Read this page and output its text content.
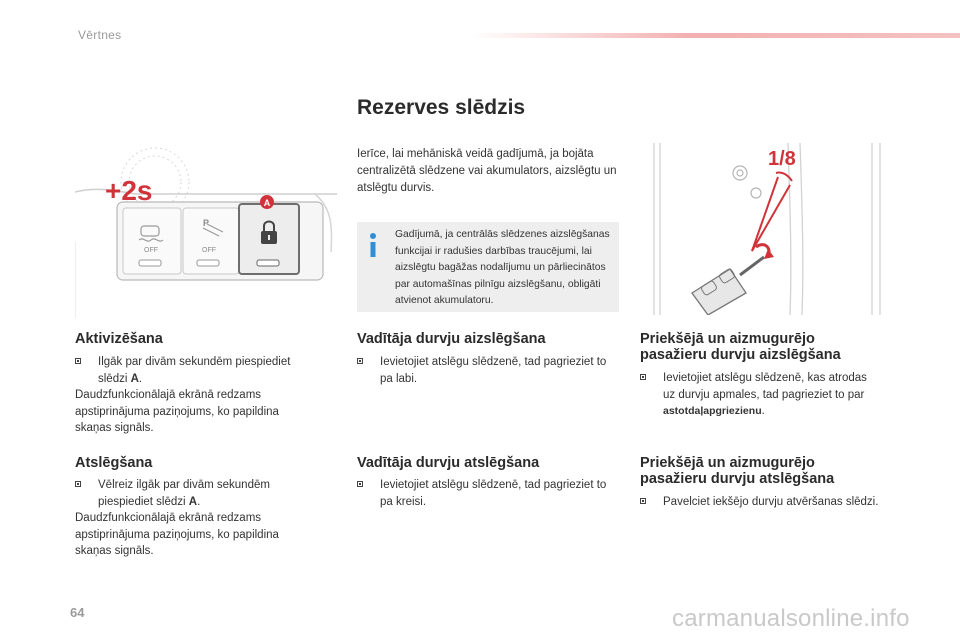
Vērtnes
OFF
P
OFF
A
+2s
1/8
Rezerves slēdzis
Ierīce, lai mehāniskā veidā gadījumā, ja bojāta centralizētā slēdzene vai akumulators, aizslēgtu un atslēgtu durvis.
Gadījumā, ja centrālās slēdzenes aizslēgšanas funkcijai ir radušies darbības traucējumi, lai aizslēgtu bagāžas nodalījumu un pārliecinātos par automašīnas pilnīgu aizslēgšanu, obligāti atvienot akumulatoru.
Aktivizēšana
Ilgāk par divām sekundēm piespiediet
slēdzi A.
Daudzfunkcionālajā ekrānā redzams apstiprinājuma paziņojums, ko papildina skaņas signāls.
Atslēgšana
Vēlreiz ilgāk par divām sekundēm
piespiediet slēdzi A.
Daudzfunkcionālajā ekrānā redzams apstiprinājuma paziņojums, ko papildina skaņas signāls.
Vadītāja durvju aizslēgšana
Ievietojiet atslēgu slēdzenē, tad pagrieziet to pa labi.
Vadītāja durvju atslēgšana
Ievietojiet atslēgu slēdzenē, tad pagrieziet to pa kreisi.
Priekšējā un aizmugurējo
pasažieru durvju aizslēgšana
Ievietojiet atslēgu slēdzenē, kas atrodas
uz durvju apmales, tad pagrieziet to par
astotdaļapgriezienu.
Priekšējā un aizmugurējo
pasažieru durvju atslēgšana
Pavelciet iekšējo durvju atvēršanas slēdzi.
64	carmanualsonline.info
